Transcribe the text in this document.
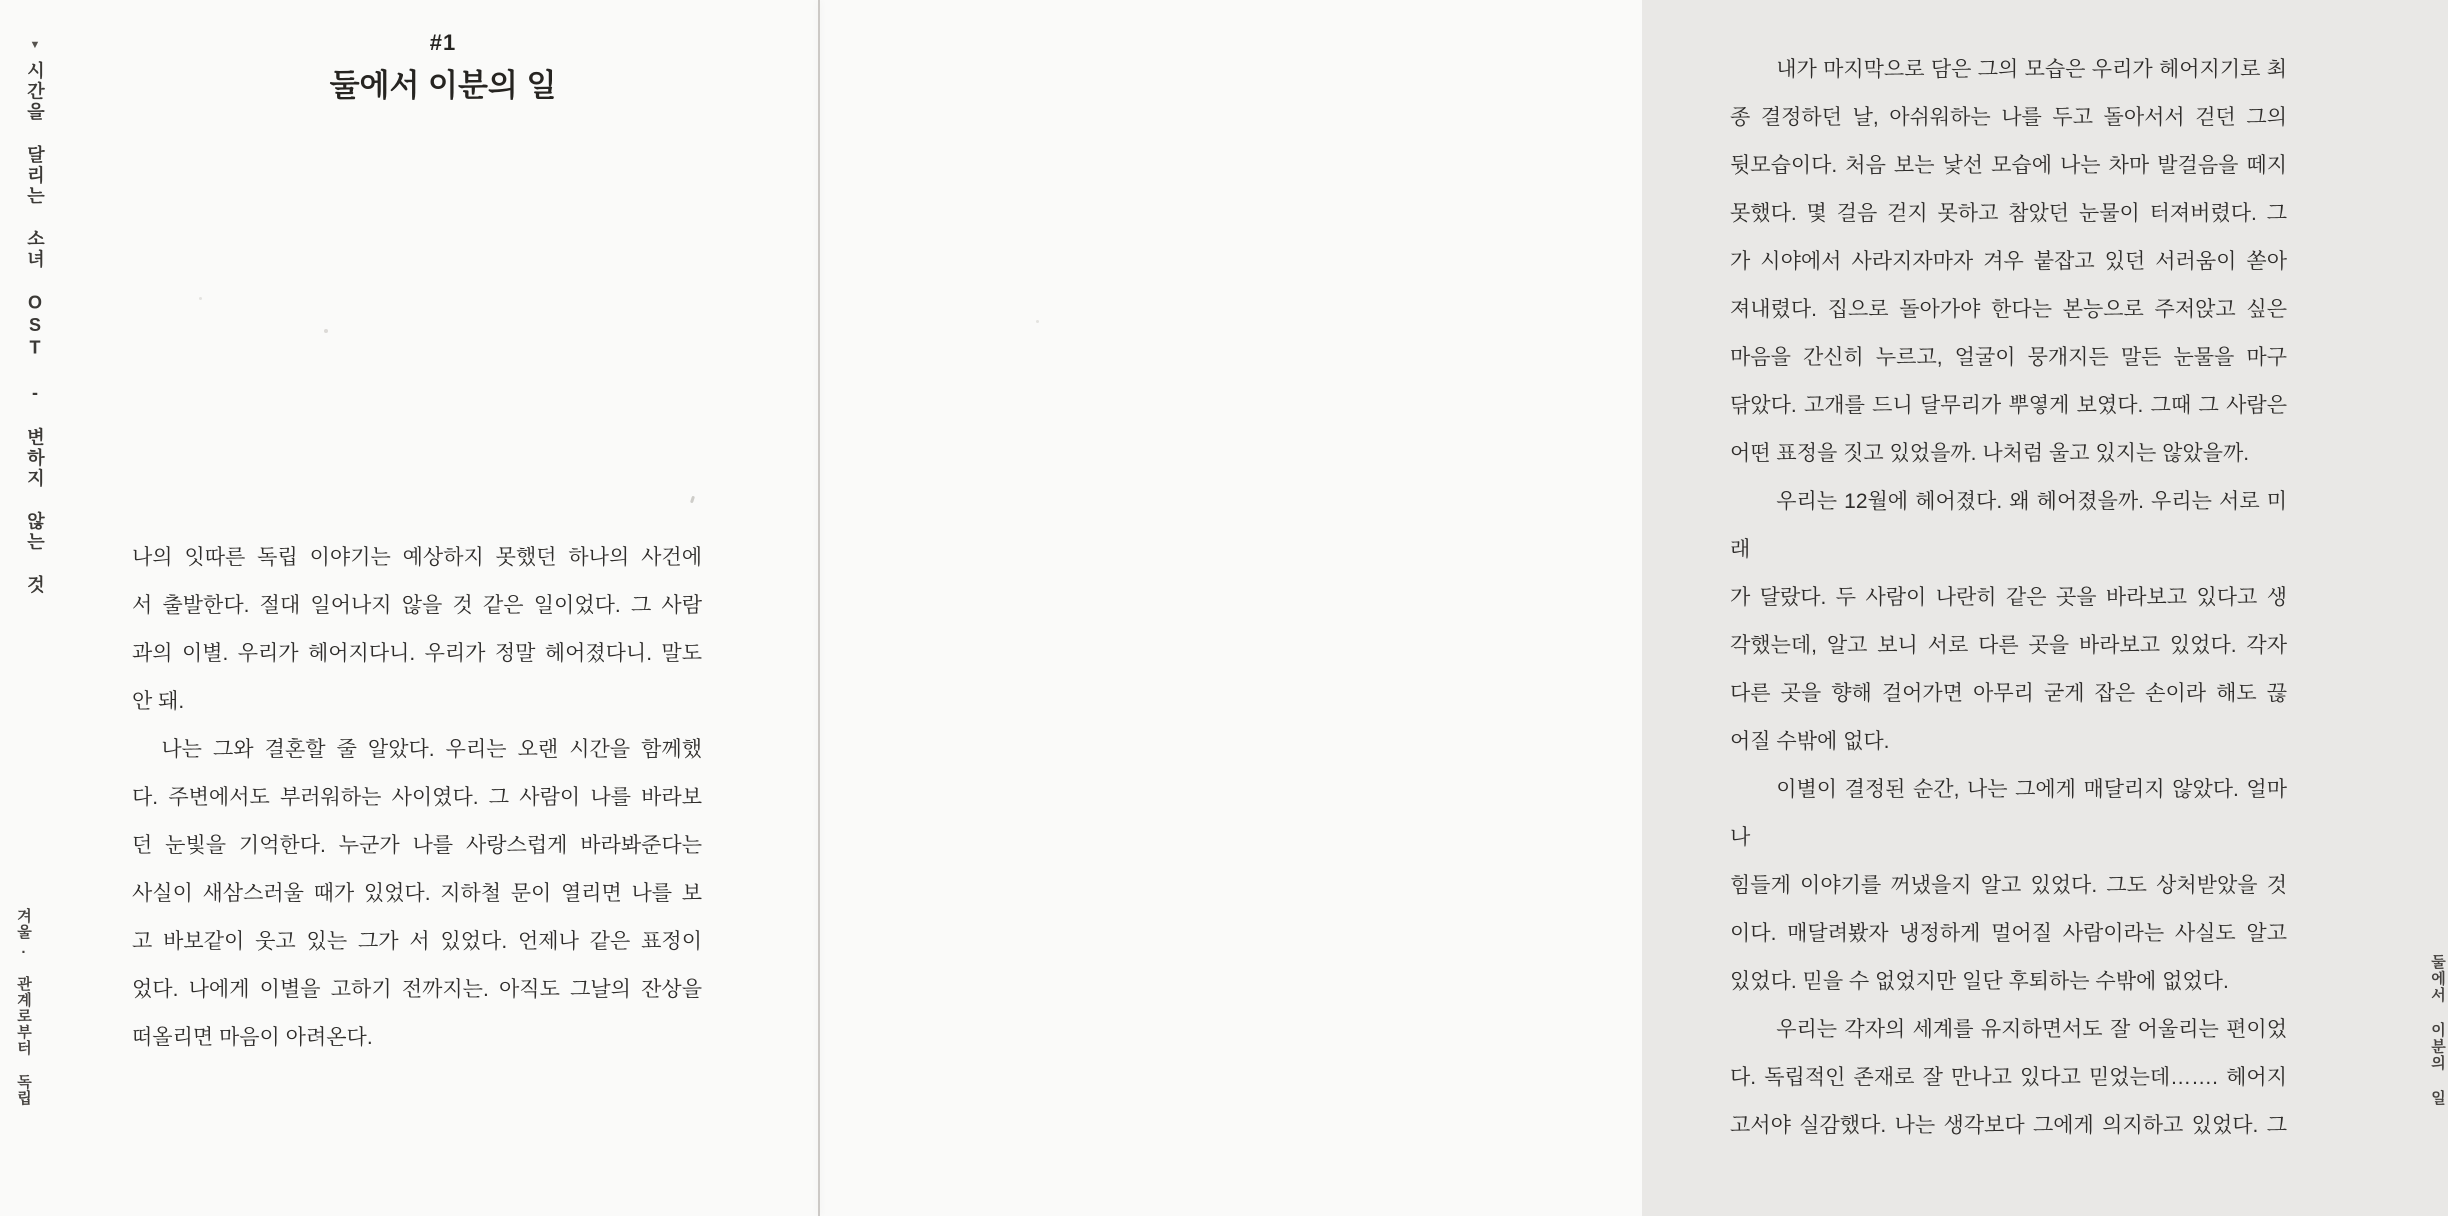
▼
시간을 달리는 소녀 OST - 변하지 않는 것
겨울. 관계로부터 독립
#1
둘에서 이분의 일
나의 잇따른 독립 이야기는 예상하지 못했던 하나의 사건에
서 출발한다. 절대 일어나지 않을 것 같은 일이었다. 그 사람
과의 이별. 우리가 헤어지다니. 우리가 정말 헤어졌다니. 말도
안 돼.
나는 그와 결혼할 줄 알았다. 우리는 오랜 시간을 함께했
다. 주변에서도 부러워하는 사이였다. 그 사람이 나를 바라보
던 눈빛을 기억한다. 누군가 나를 사랑스럽게 바라봐준다는
사실이 새삼스러울 때가 있었다. 지하철 문이 열리면 나를 보
고 바보같이 웃고 있는 그가 서 있었다. 언제나 같은 표정이
었다. 나에게 이별을 고하기 전까지는. 아직도 그날의 잔상을
떠올리면 마음이 아려온다.
내가 마지막으로 담은 그의 모습은 우리가 헤어지기로 최
종 결정하던 날, 아쉬워하는 나를 두고 돌아서서 걷던 그의
뒷모습이다. 처음 보는 낯선 모습에 나는 차마 발걸음을 떼지
못했다. 몇 걸음 걷지 못하고 참았던 눈물이 터져버렸다. 그
가 시야에서 사라지자마자 겨우 붙잡고 있던 서러움이 쏟아
져내렸다. 집으로 돌아가야 한다는 본능으로 주저앉고 싶은
마음을 간신히 누르고, 얼굴이 뭉개지든 말든 눈물을 마구
닦았다. 고개를 드니 달무리가 뿌옇게 보였다. 그때 그 사람은
어떤 표정을 짓고 있었을까. 나처럼 울고 있지는 않았을까.
우리는 12월에 헤어졌다. 왜 헤어졌을까. 우리는 서로 미래
가 달랐다. 두 사람이 나란히 같은 곳을 바라보고 있다고 생
각했는데, 알고 보니 서로 다른 곳을 바라보고 있었다. 각자
다른 곳을 향해 걸어가면 아무리 굳게 잡은 손이라 해도 끊
어질 수밖에 없다.
이별이 결정된 순간, 나는 그에게 매달리지 않았다. 얼마나
힘들게 이야기를 꺼냈을지 알고 있었다. 그도 상처받았을 것
이다. 매달려봤자 냉정하게 멀어질 사람이라는 사실도 알고
있었다. 믿을 수 없었지만 일단 후퇴하는 수밖에 없었다.
우리는 각자의 세계를 유지하면서도 잘 어울리는 편이었
다. 독립적인 존재로 잘 만나고 있다고 믿었는데……. 헤어지
고서야 실감했다. 나는 생각보다 그에게 의지하고 있었다. 그
둘에서 이분의 일
